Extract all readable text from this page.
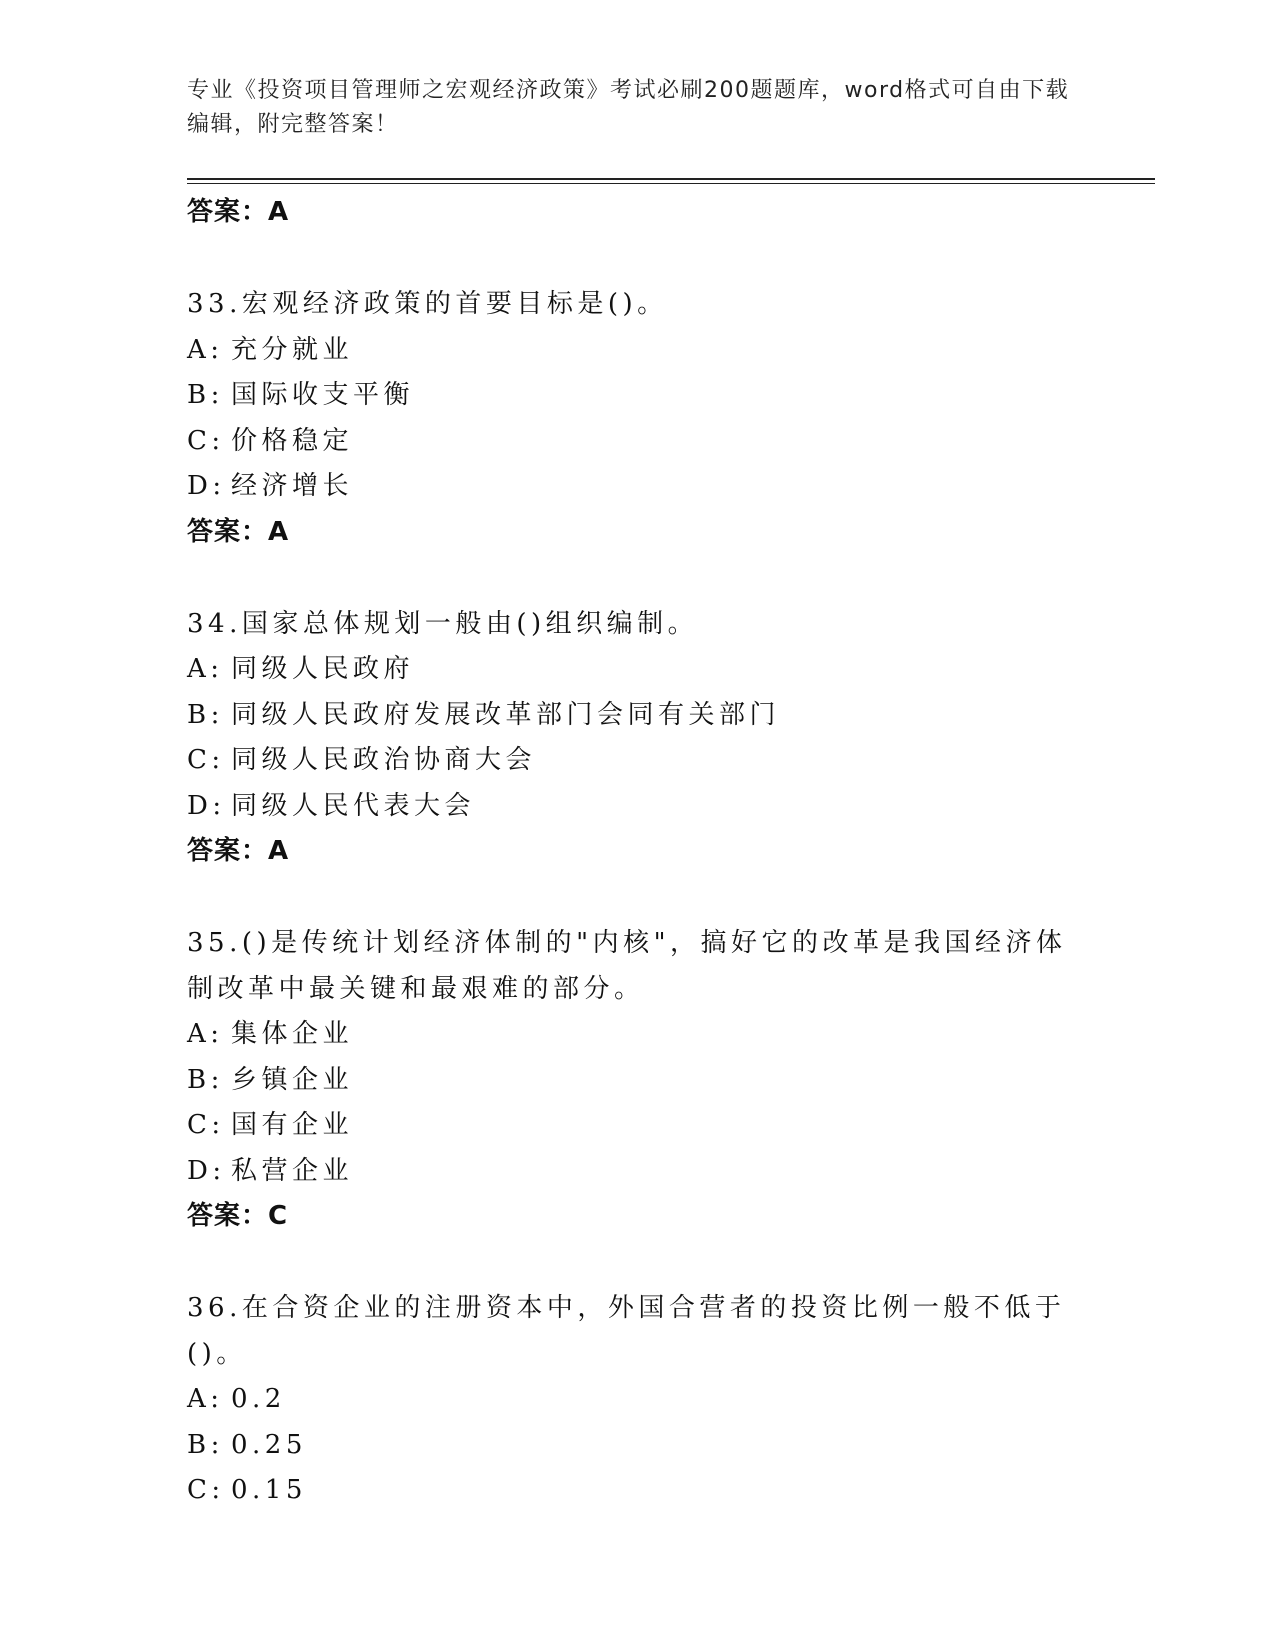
专业《投资项目管理师之宏观经济政策》考试必刷200题题库，word格式可自由下载编辑，附完整答案！
答案：A
33.宏观经济政策的首要目标是()。
A: 充分就业
B: 国际收支平衡
C: 价格稳定
D: 经济增长
答案：A
34.国家总体规划一般由()组织编制。
A: 同级人民政府
B: 同级人民政府发展改革部门会同有关部门
C: 同级人民政治协商大会
D: 同级人民代表大会
答案：A
35.()是传统计划经济体制的"内核"，搞好它的改革是我国经济体制改革中最关键和最艰难的部分。
A: 集体企业
B: 乡镇企业
C: 国有企业
D: 私营企业
答案：C
36.在合资企业的注册资本中，外国合营者的投资比例一般不低于()。
A: 0.2
B: 0.25
C: 0.15
